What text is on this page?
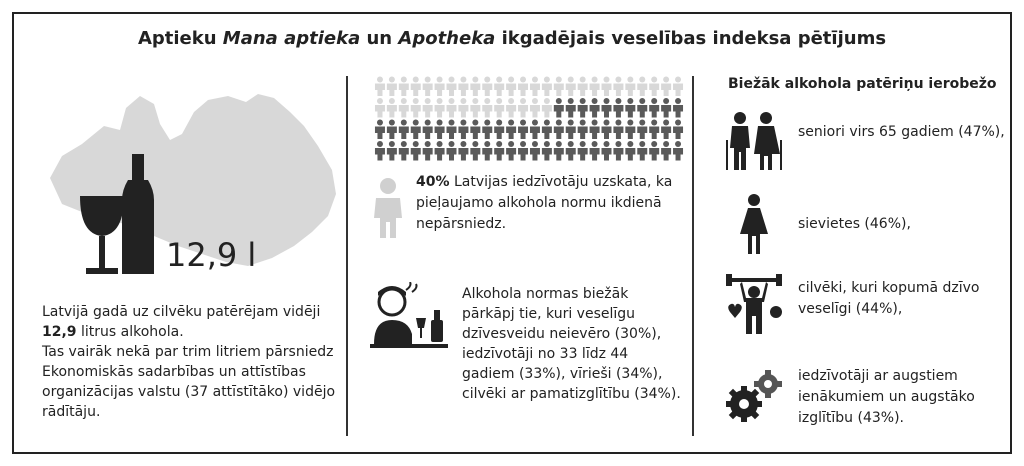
Aptieku Mana aptieka un Apotheka ikgadējais veselības indeksa pētījums
12,9 l
Latvijā gadā uz cilvēku patērējam vidēji 12,9 litrus alkohola.
Tas vairāk nekā par trim litriem pārsniedz Ekonomiskās sadarbības un attīstības organizācijas valstu (37 attīstītāko) vidējo rādītāju.
40% Latvijas iedzīvotāju uzskata, ka pieļaujamo alkohola normu ikdienā nepārsniedz.
Alkohola normas biežāk pārkāpj tie, kuri veselīgu dzīvesveidu neievēro (30%), iedzīvotāji no 33 līdz 44 gadiem (33%), vīrieši (34%), cilvēki ar pamatizglītību (34%).
Biežāk alkohola patēriņu ierobežo
seniori virs 65 gadiem (47%),
sievietes (46%),
cilvēki, kuri kopumā dzīvo veselīgi (44%),
iedzīvotāji ar augstiem ienākumiem un augstāko izglītību (43%).
